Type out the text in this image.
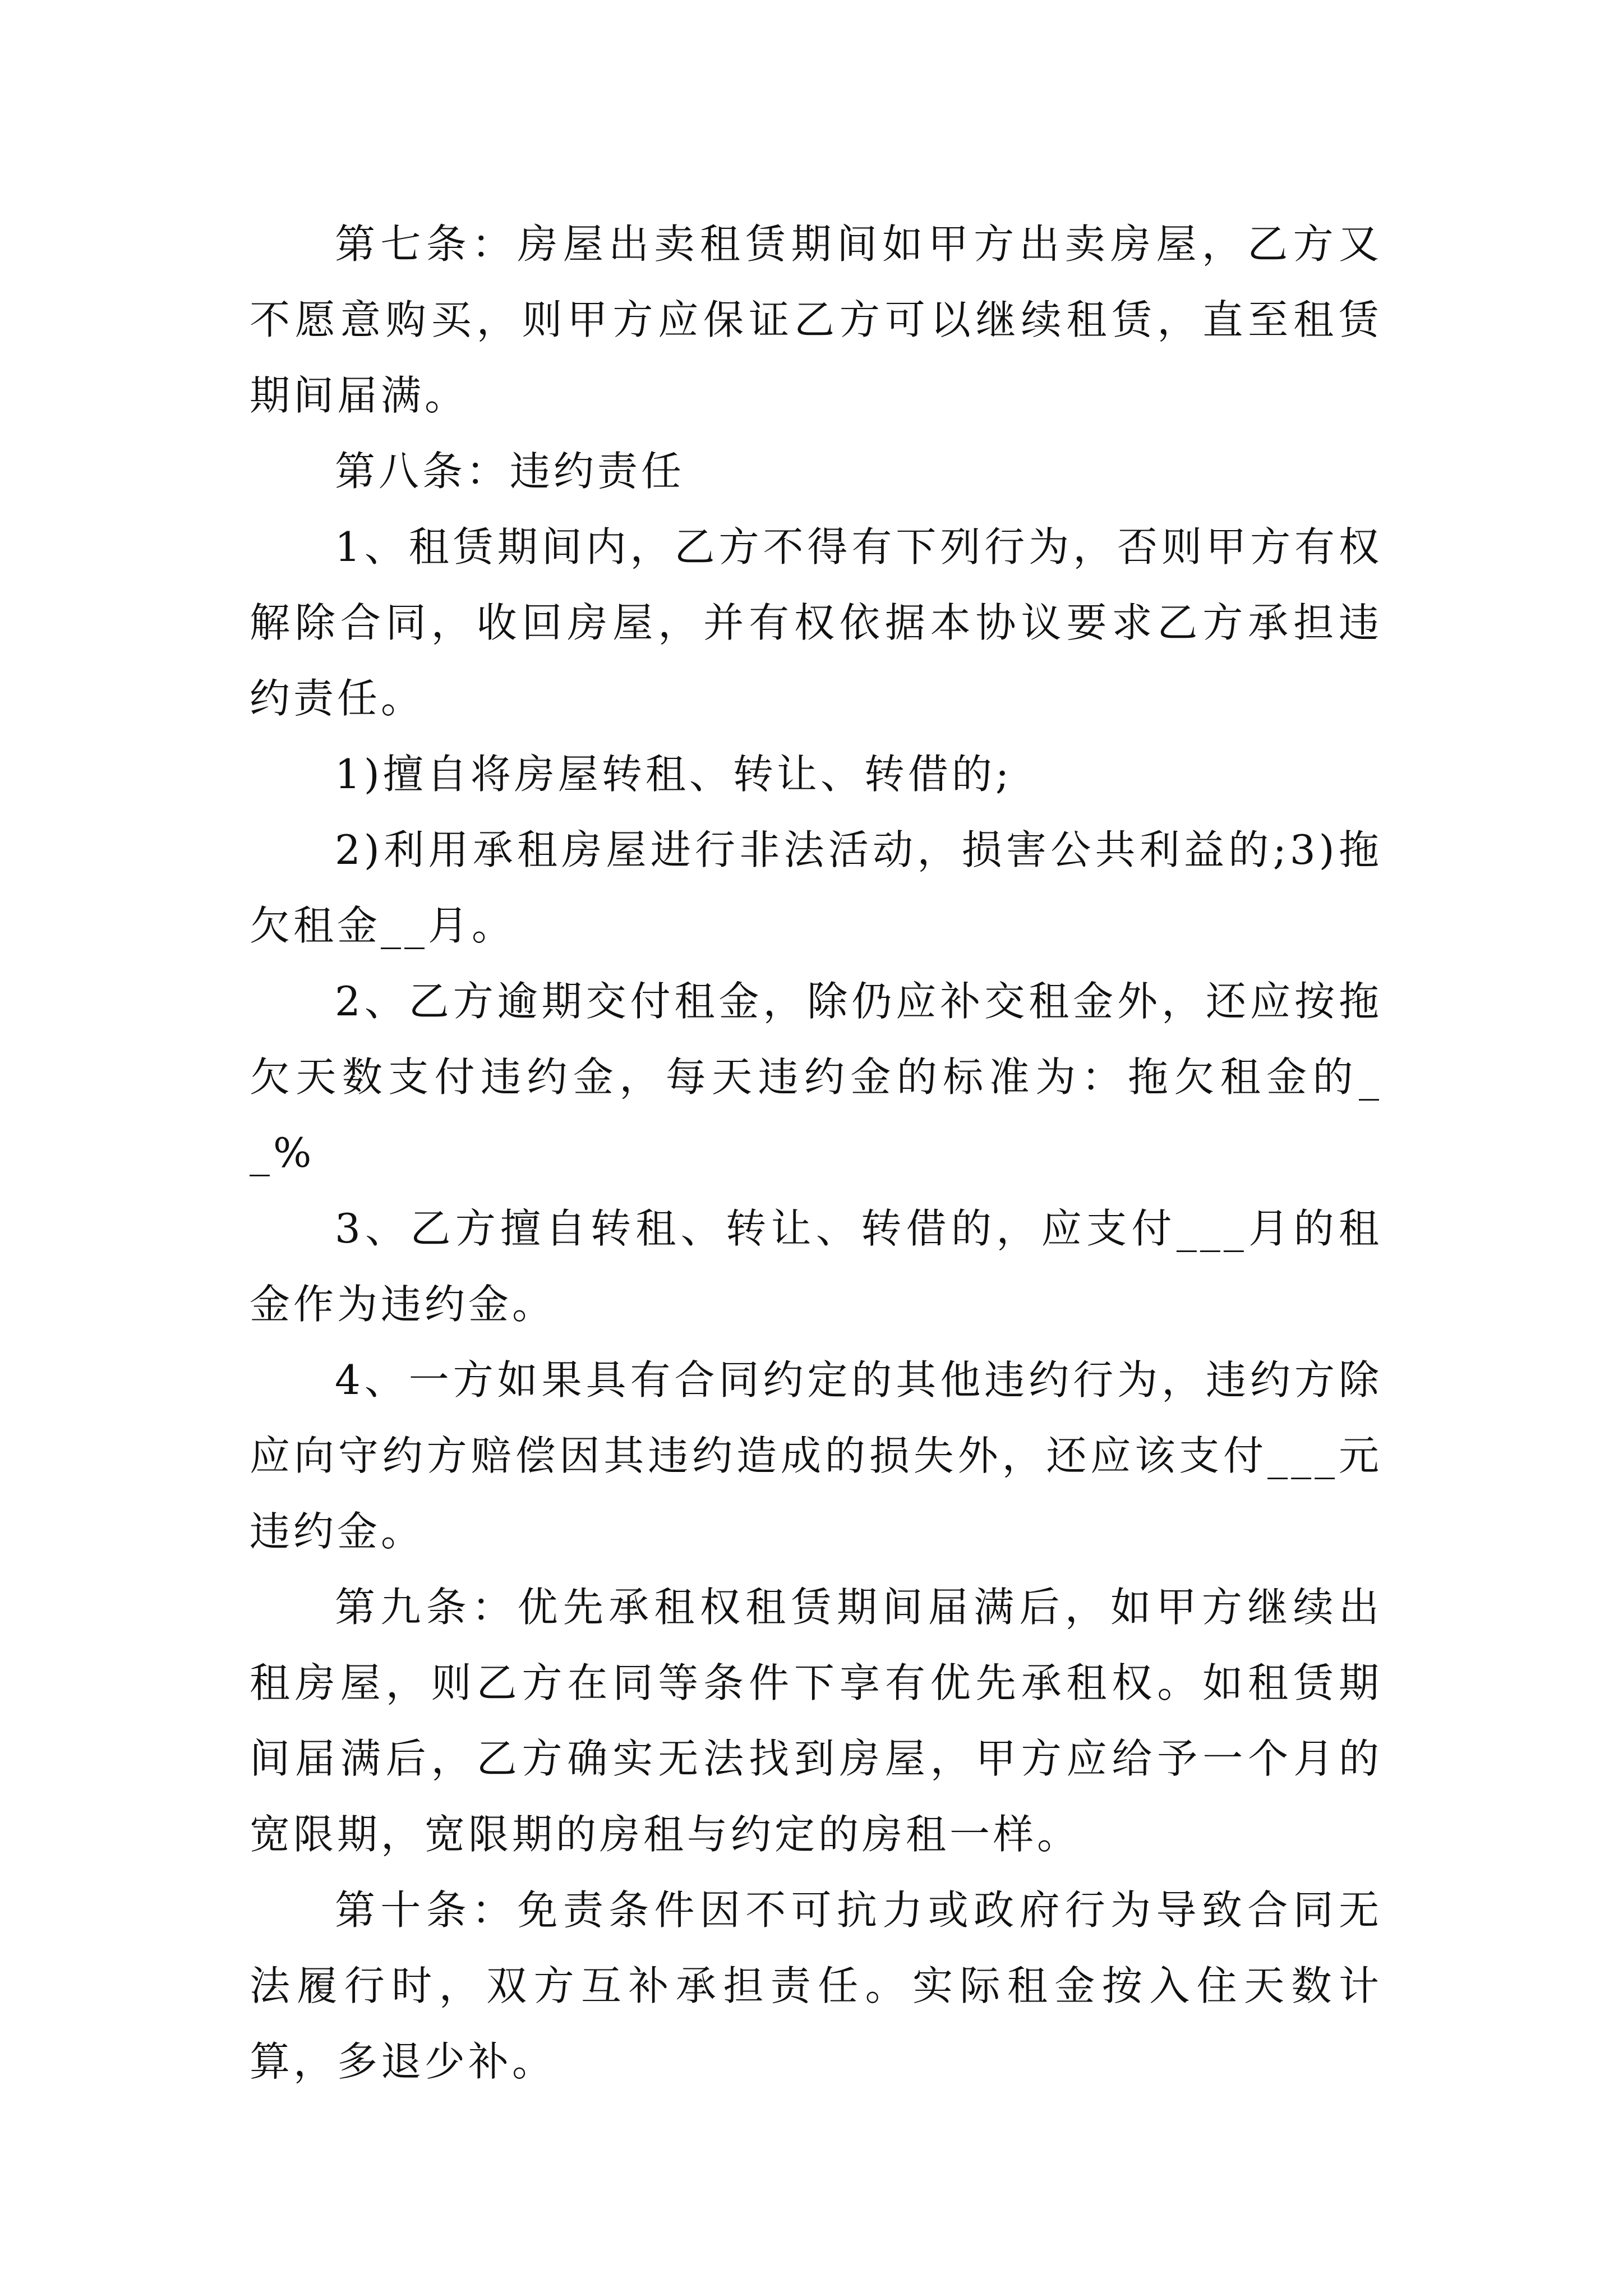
第七条：房屋出卖租赁期间如甲方出卖房屋，乙方又不愿意购买，则甲方应保证乙方可以继续租赁，直至租赁期间届满。

第八条：违约责任

1、租赁期间内，乙方不得有下列行为，否则甲方有权解除合同，收回房屋，并有权依据本协议要求乙方承担违约责任。

1)擅自将房屋转租、转让、转借的;

2)利用承租房屋进行非法活动，损害公共利益的;3)拖欠租金__月。

2、乙方逾期交付租金，除仍应补交租金外，还应按拖欠天数支付违约金，每天违约金的标准为：拖欠租金的__%

3、乙方擅自转租、转让、转借的，应支付___月的租金作为违约金。

4、一方如果具有合同约定的其他违约行为，违约方除应向守约方赔偿因其违约造成的损失外，还应该支付___元违约金。

第九条：优先承租权租赁期间届满后，如甲方继续出租房屋，则乙方在同等条件下享有优先承租权。如租赁期间届满后，乙方确实无法找到房屋，甲方应给予一个月的宽限期，宽限期的房租与约定的房租一样。

第十条：免责条件因不可抗力或政府行为导致合同无法履行时，双方互补承担责任。实际租金按入住天数计算，多退少补。
